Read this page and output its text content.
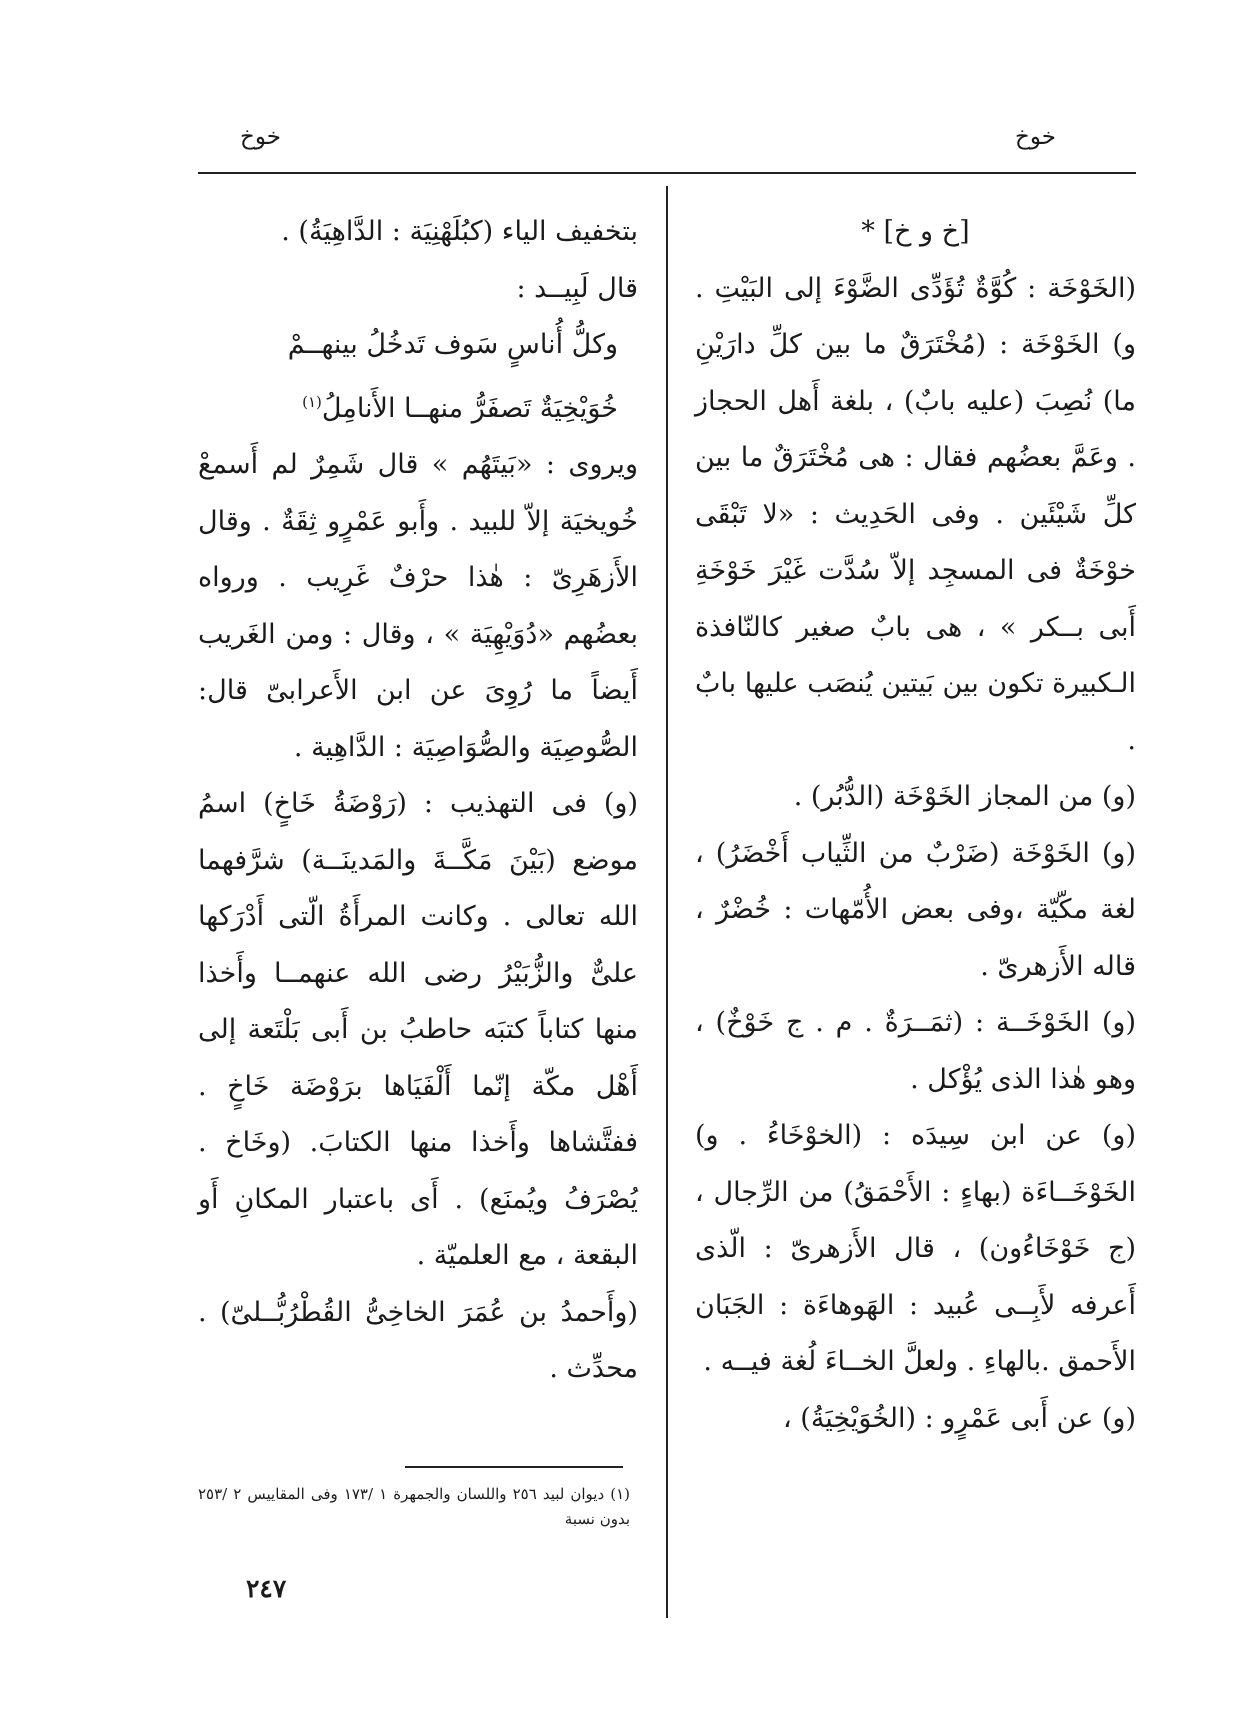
خوخ
خوخ

[خ و خ] *

(الخَوْخَة : كُوَّةٌ تُؤَدِّى الضَّوْءَ إلى البَيْتِ . و) الخَوْخَة : (مُخْتَرَقٌ ما بين كلِّ دارَيْنِ ما) نُصِبَ (عليه بابٌ) ، بلغة أَهل الحجاز . وعَمَّ بعضُهم فقال : هى مُخْتَرَقٌ ما بين كلِّ شَيْئَين . وفى الحَدِيث : «لا تَبْقَى خوْخَةٌ فى المسجِد إلاّ سُدَّت غَيْرَ خَوْخَةِ أَبى بــكر » ، هى بابٌ صغير كالنّافذة الـكبيرة تكون بين بَيتين يُنصَب عليها بابٌ .

(و) من المجاز الخَوْخَة (الدُّبُر) .

(و) الخَوْخَة (ضَرْبٌ من الثِّياب أَخْضَرُ) ، لغة مكّيّة ،وفى بعض الأُمّهات : خُضْرٌ ، قاله الأَزهرىّ .

(و) الخَوْخَــة : (ثمَــرَةٌ . م . ج خَوْخٌ) ، وهو هٰذا الذى يُؤْكل .

(و) عن ابن سِيدَه : (الخوْخَاءُ . و) الخَوْخَــاءَة (بهاءٍ : الأَحْمَقُ) من الرِّجال ،(ج خَوْخَاءُون) ، قال الأَزهرىّ : الّذى أَعرفه لأَبِــى عُبيد : الهَوهاءَة : الجَبَان الأَحمق .بالهاءِ . ولعلَّ الخــاءَ لُغة فيــه .

(و) عن أَبى عَمْرٍو : (الخُوَيْخِيَةُ) ،

بتخفيف الياء (كبُلَهْنِيَة : الدَّاهِيَةُ) .

قال لَبِيــد :

وكلُّ أُناسٍ سَوف تَدخُلُ بينهــمْ

خُوَيْخِيَةٌ تَصفَرُّ منهــا الأَنامِلُ$^{(١)}$

ويروى : «بَيتَهُم » قال شَمِرٌ لم أَسمعْ خُويخيَة إلاّ للبيد . وأَبو عَمْرٍو ثِقَةٌ . وقال الأَزهَرِىّ : هٰذا حرْفٌ غَرِيب . ورواه بعضُهم «دُوَيْهِيَة » ، وقال : ومن الغَريب أَيضاً ما رُوِىَ عن ابن الأَعرابىّ قال: الصُّوصِيَة والصُّوَاصِيَة : الدَّاهِية .

(و) فى التهذيب : (رَوْضَةُ خَاخٍ) اسمُ موضع (بَيْنَ مَكَّــةَ والمَدينَــة) شرَّفهما الله تعالى . وكانت المرأَةُ الّتى أَدْرَكها علىٌّ والزُّبَيْرُ رضى الله عنهمــا وأَخذا منها كتاباً كتبَه حاطبُ بن أَبى بَلْتَعة إلى أَهْل مكّة إنّما أَلْفَيَاها برَوْضَة خَاخٍ . ففتَّشاها وأَخذا منها الكتابَ. (وخَاخ . يُصْرَفُ ويُمنَع) . أَى باعتبار المكانِ أَو البقعة ، مع العلميّة .

(وأَحمدُ بن عُمَرَ الخاخِىُّ القُطْرُبُّــلىّ) . محدِّث .

(١) ديوان لبيد ٢٥٦ واللسان والجمهرة ١ /١٧٣ وفى المقاييس ٢ /٢٥٣ بدون نسبة
٢٤٧
